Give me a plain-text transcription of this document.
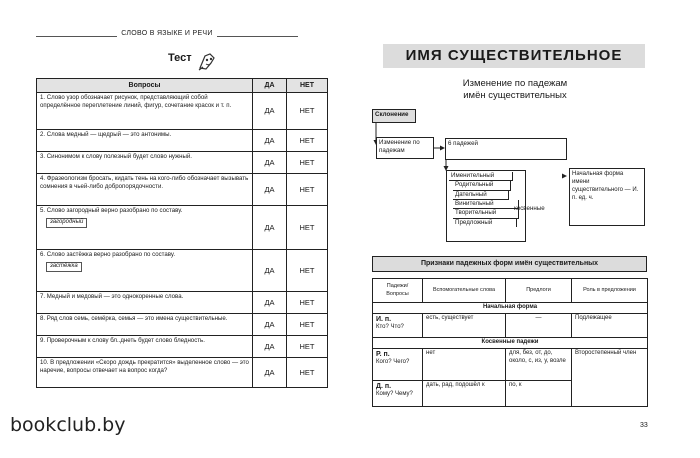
СЛОВО В ЯЗЫКЕ И РЕЧИ
Тест
Вопросы	ДА	НЕТ
1. Слово узор обозначает рисунок, представляющий собой определённое переплетение линий, фигур, сочетание красок и т. п.	ДА	НЕТ
2. Слова медный — щедрый — это антонимы.	ДА	НЕТ
3. Синонимом к слову полезный будет слово нужный.	ДА	НЕТ
4. Фразеологизм бросать, кидать тень на кого-либо обозначает вызывать сомнения в чьей-либо добропорядочности.	ДА	НЕТ

5. Слово загородный верно разобрано по составу.
загородный	ДА	НЕТ

6. Слово застёжка верно разобрано по составу.
застёжка	ДА	НЕТ
7. Медный и медовый — это однокоренные слова.	ДА	НЕТ
8. Ряд слов семь, семёрка, семья — это имена существительные.	ДА	НЕТ
9. Проверочным к слову бл..днеть будет слово бледность.	ДА	НЕТ
10. В предложении «Скоро дождь прекратится» выделенное слово — это наречие, вопросы отвечает на вопрос когда?	ДА	НЕТ
bookclub.by
ИМЯ СУЩЕСТВИТЕЛЬНОЕ
Изменение по падежам
имён существительных
Склонение
Изменение по падежам
6 падежей
Именительный
Родительный
Дательный
Винительный
Творительный
Предложный
косвенные
Начальная форма имени существительного — И. п. ед. ч.
Признаки падежных форм имён существительных
Падежи/ Вопросы	Вспомогательные слова	Предлоги	Роль в предложении
Начальная форма			

И. п.
Кто? Что?	есть, существует	—	Подлежащее
Косвенные падежи			

Р. п.
Кого? Чего?	нет	для, без, от, до, около, с, из, у, возле	Второстепенный член

Д. п.
Кому? Чему?	дать, рад, подошёл к	по, к	
33
